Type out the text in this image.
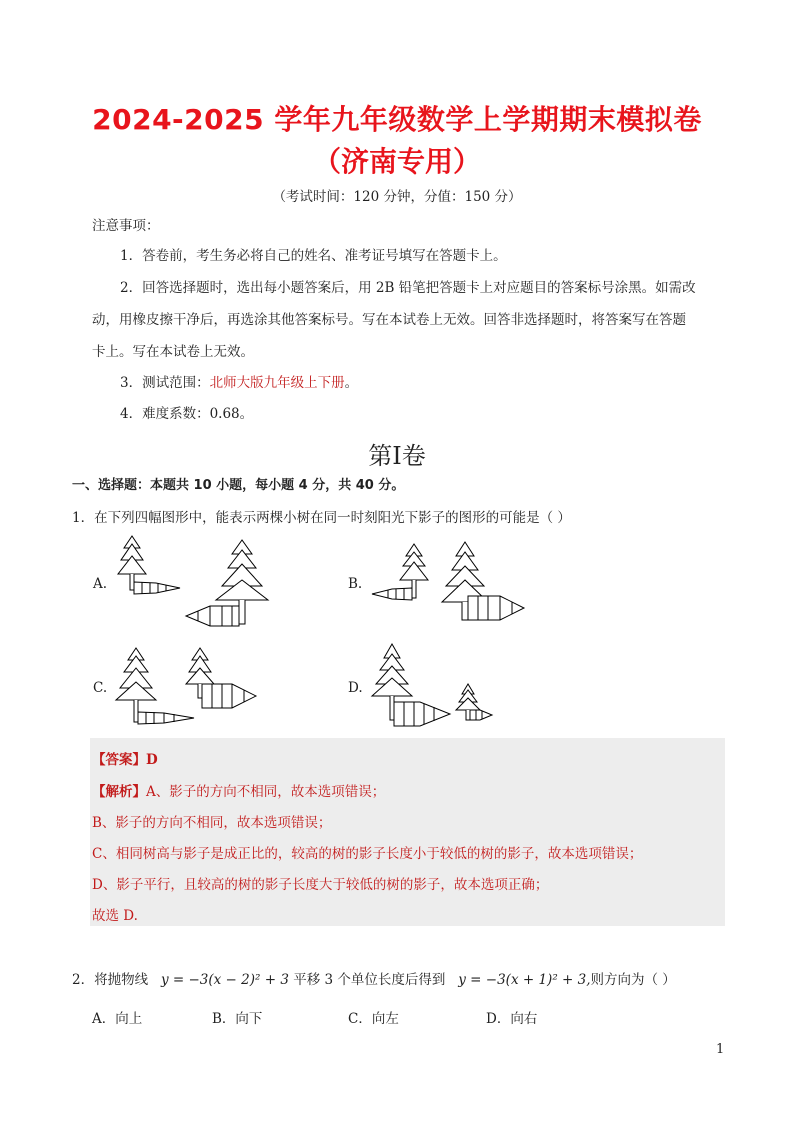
2024-2025 学年九年级数学上学期期末模拟卷
（济南专用）
（考试时间：120 分钟，分值：150 分）
注意事项：
1．答卷前，考生务必将自己的姓名、准考证号填写在答题卡上。
2．回答选择题时，选出每小题答案后，用 2B 铅笔把答题卡上对应题目的答案标号涂黑。如需改
动，用橡皮擦干净后，再选涂其他答案标号。写在本试卷上无效。回答非选择题时，将答案写在答题
卡上。写在本试卷上无效。
3．测试范围：北师大版九年级上下册。
4．难度系数：0.68。
第Ⅰ卷
一、选择题：本题共 10 小题，每小题 4 分，共 40 分。
1．在下列四幅图形中，能表示两棵小树在同一时刻阳光下影子的图形的可能是（ ）
A.	B.
C.	D.
【答案】D
【解析】A、影子的方向不相同，故本选项错误；
B、影子的方向不相同，故本选项错误；
C、相同树高与影子是成正比的，较高的树的影子长度小于较低的树的影子，故本选项错误；
D、影子平行，且较高的树的影子长度大于较低的树的影子，故本选项正确；
故选 D.
2．将抛物线 y = −3(x − 2)² + 3 平移 3 个单位长度后得到 y = −3(x + 1)² + 3,则方向为（ ）
A．向上	B．向下	C．向左	D．向右
1
